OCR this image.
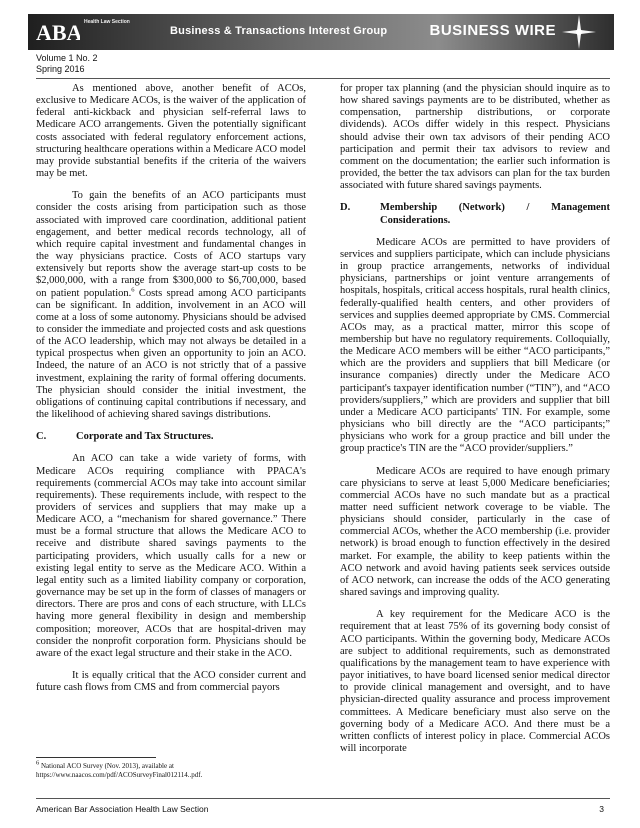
ABA Health Law Section
Business & Transactions Interest Group	BUSINESS WIRE
Volume 1 No. 2
Spring 2016

As mentioned above, another benefit of ACOs, exclusive to Medicare ACOs, is the waiver of the application of federal anti-kickback and physician self-referral laws to Medicare ACO arrangements. Given the potentially significant costs associated with federal regulatory enforcement actions, structuring healthcare operations within a Medicare ACO model may provide substantial benefits if the criteria of the waivers may be met.

To gain the benefits of an ACO participants must consider the costs arising from participation such as those associated with improved care coordination, additional patient engagement, and better medical records technology, all of which require capital investment and fundamental changes in the way physicians practice. Costs of ACO startups vary extensively but reports show the average start-up costs to be $2,000,000, with a range from $300,000 to $6,700,000, based on patient population.$^6$ Costs spread among ACO participants can be significant. In addition, involvement in an ACO will come at a loss of some autonomy. Physicians should be advised to consider the immediate and projected costs and ask questions of the ACO leadership, which may not always be detailed in a typical prospectus when given an opportunity to join an ACO. Indeed, the nature of an ACO is not strictly that of a passive investment, explaining the rarity of formal offering documents. The physician should consider the initial investment, the obligations of continuing capital contributions if necessary, and the likelihood of achieving shared savings distributions.

C.	Corporate and Tax Structures.

An ACO can take a wide variety of forms, with Medicare ACOs requiring compliance with PPACA's requirements (commercial ACOs may take into account similar requirements). These requirements include, with respect to the providers of services and suppliers that may make up a Medicare ACO, a “mechanism for shared governance.” There must be a formal structure that allows the Medicare ACO to receive and distribute shared savings payments to the participating providers, which usually calls for a new or existing legal entity to serve as the Medicare ACO. Within a legal entity such as a limited liability company or corporation, governance may be set up in the form of classes of managers or directors. There are pros and cons of each structure, with LLCs having more general flexibility in design and membership composition; moreover, ACOs that are hospital-driven may consider the nonprofit corporation form. Physicians should be aware of the exact legal structure and their stake in the ACO.

It is equally critical that the ACO consider current and future cash flows from CMS and from commercial payors

for proper tax planning (and the physician should inquire as to how shared savings payments are to be distributed, whether as compensation, partnership distributions, or corporate dividends). ACOs differ widely in this respect. Physicians should advise their own tax advisors of their pending ACO participation and permit their tax advisors to review and comment on the documentation; the earlier such information is provided, the better the tax advisors can plan for the tax burden associated with future shared savings payments.

D.	Membership (Network) / Management Considerations.

Medicare ACOs are permitted to have providers of services and suppliers participate, which can include physicians in group practice arrangements, networks of individual physicians, partnerships or joint venture arrangements of hospitals, hospitals, critical access hospitals, rural health clinics, federally-qualified health centers, and other providers of services and supplies deemed appropriate by CMS. Commercial ACOs may, as a practical matter, mirror this scope of membership but have no regulatory requirements. Colloquially, the Medicare ACO members will be either “ACO participants,” which are the providers and suppliers that bill Medicare (or insurance companies) directly under the Medicare ACO participant's taxpayer identification number (“TIN”), and “ACO providers/suppliers,” which are providers and supplier that bill under a Medicare ACO participants' TIN. For example, some physicians who bill directly are the “ACO participants;” physicians who work for a group practice and bill under the group practice's TIN are the “ACO provider/suppliers.”

Medicare ACOs are required to have enough primary care physicians to serve at least 5,000 Medicare beneficiaries; commercial ACOs have no such mandate but as a practical matter need sufficient network coverage to be viable. The physicians should consider, particularly in the case of commercial ACOs, whether the ACO membership (i.e. provider network) is broad enough to function effectively in the desired market. For example, the ability to keep patients within the ACO network and avoid having patients seek services outside of ACO network, can increase the odds of the ACO generating shared savings and improving quality.

A key requirement for the Medicare ACO is the requirement that at least 75% of its governing body consist of ACO participants. Within the governing body, Medicare ACOs are subject to additional requirements, such as demonstrated qualifications by the management team to have experience with payor initiatives, to have board licensed senior medical director to provide clinical management and oversight, and to have physician-directed quality assurance and process improvement committees. A Medicare beneficiary must also serve on the governing body of a Medicare ACO. And there must be a written conflicts of interest policy in place. Commercial ACOs will incorporate

$^6$ National ACO Survey (Nov. 2013), available at https://www.naacos.com/pdf/ACOSurveyFinal012114..pdf.
American Bar Association Health Law Section	3
